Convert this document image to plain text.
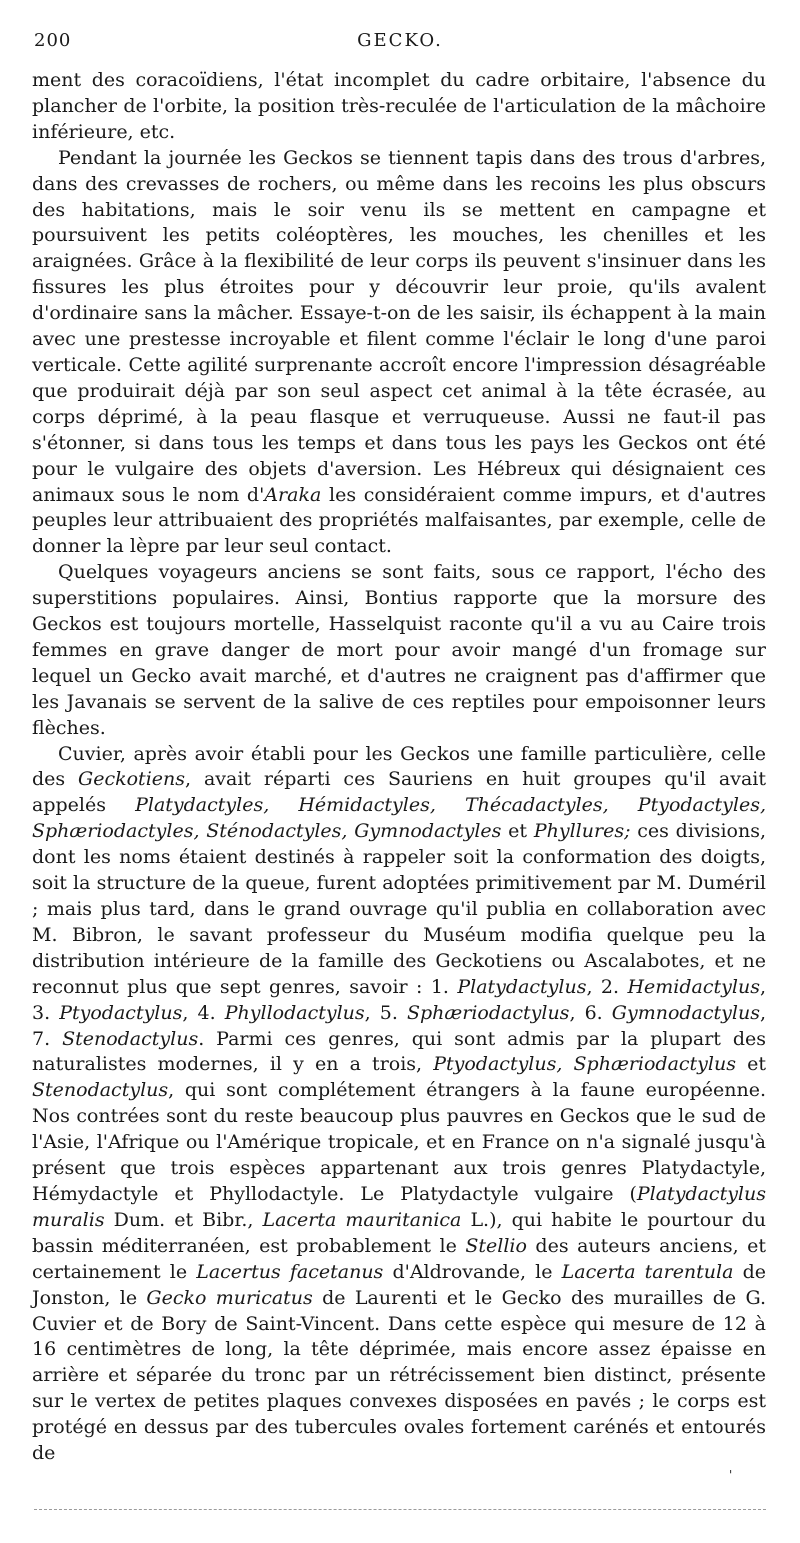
200	GECKO.

ment des coracoïdiens, l'état incomplet du cadre orbitaire, l'absence du plancher de l'orbite, la position très-reculée de l'articulation de la mâchoire inférieure, etc.

Pendant la journée les Geckos se tiennent tapis dans des trous d'arbres, dans des crevasses de rochers, ou même dans les recoins les plus obscurs des habitations, mais le soir venu ils se mettent en campagne et poursuivent les petits coléoptères, les mouches, les chenilles et les araignées. Grâce à la flexibilité de leur corps ils peuvent s'insinuer dans les fissures les plus étroites pour y découvrir leur proie, qu'ils avalent d'ordinaire sans la mâcher. Essaye-t-on de les saisir, ils échappent à la main avec une prestesse incroyable et filent comme l'éclair le long d'une paroi verticale. Cette agilité surprenante accroît encore l'impression désagréable que produirait déjà par son seul aspect cet animal à la tête écrasée, au corps déprimé, à la peau flasque et verruqueuse. Aussi ne faut-il pas s'étonner, si dans tous les temps et dans tous les pays les Geckos ont été pour le vulgaire des objets d'aversion. Les Hébreux qui désignaient ces animaux sous le nom d'Araka les considéraient comme impurs, et d'autres peuples leur attribuaient des propriétés malfaisantes, par exemple, celle de donner la lèpre par leur seul contact.

Quelques voyageurs anciens se sont faits, sous ce rapport, l'écho des superstitions populaires. Ainsi, Bontius rapporte que la morsure des Geckos est toujours mortelle, Hasselquist raconte qu'il a vu au Caire trois femmes en grave danger de mort pour avoir mangé d'un fromage sur lequel un Gecko avait marché, et d'autres ne craignent pas d'affirmer que les Javanais se servent de la salive de ces reptiles pour empoisonner leurs flèches.

Cuvier, après avoir établi pour les Geckos une famille particulière, celle des Geckotiens, avait réparti ces Sauriens en huit groupes qu'il avait appelés Platydactyles, Hémidactyles, Thécadactyles, Ptyodactyles, Sphæriodactyles, Sténodactyles, Gymnodactyles et Phyllures; ces divisions, dont les noms étaient destinés à rappeler soit la conformation des doigts, soit la structure de la queue, furent adoptées primitivement par M. Duméril ; mais plus tard, dans le grand ouvrage qu'il publia en collaboration avec M. Bibron, le savant professeur du Muséum modifia quelque peu la distribution intérieure de la famille des Geckotiens ou Ascalabotes, et ne reconnut plus que sept genres, savoir : 1. Platydactylus, 2. Hemidactylus, 3. Ptyodactylus, 4. Phyllodactylus, 5. Sphæriodactylus, 6. Gymnodactylus, 7. Stenodactylus. Parmi ces genres, qui sont admis par la plupart des naturalistes modernes, il y en a trois, Ptyodactylus, Sphæriodactylus et Stenodactylus, qui sont complétement étrangers à la faune européenne. Nos contrées sont du reste beaucoup plus pauvres en Geckos que le sud de l'Asie, l'Afrique ou l'Amérique tropicale, et en France on n'a signalé jusqu'à présent que trois espèces appartenant aux trois genres Platydactyle, Hémydactyle et Phyllodactyle. Le Platydactyle vulgaire (Platydactylus muralis Dum. et Bibr., Lacerta mauritanica L.), qui habite le pourtour du bassin méditerranéen, est probablement le Stellio des auteurs anciens, et certainement le Lacertus facetanus d'Aldrovande, le Lacerta tarentula de Jonston, le Gecko muricatus de Laurenti et le Gecko des murailles de G. Cuvier et de Bory de Saint-Vincent. Dans cette espèce qui mesure de 12 à 16 centimètres de long, la tête déprimée, mais encore assez épaisse en arrière et séparée du tronc par un rétrécissement bien distinct, présente sur le vertex de petites plaques convexes disposées en pavés ; le corps est protégé en dessus par des tubercules ovales fortement carénés et entourés de

'
